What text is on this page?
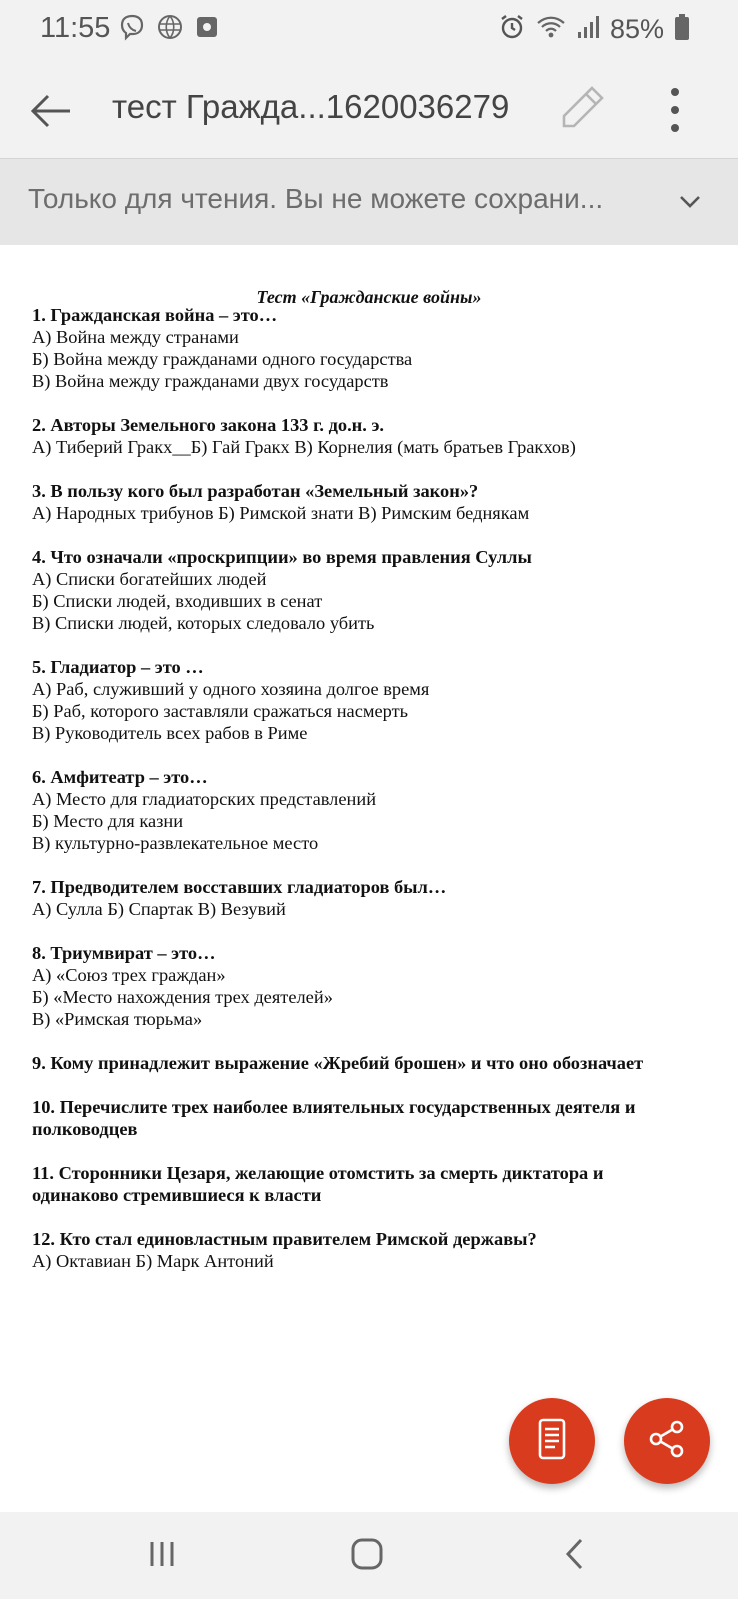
11:55	85%
тест Гражда...1620036279
Только для чтения. Вы не можете сохрани...
Тест «Гражданские войны»
1. Гражданская война – это…
А) Война между странами
Б) Война между гражданами одного государства
В) Война между гражданами двух государств
2. Авторы Земельного закона 133 г. до.н. э.
А) Тиберий Гракх__Б) Гай Гракх В) Корнелия (мать братьев Гракхов)
3. В пользу кого был разработан «Земельный закон»?
А) Народных трибунов Б) Римской знати В) Римским беднякам
4. Что означали «проскрипции» во время правления Суллы
А) Списки богатейших людей
Б) Списки людей, входивших в сенат
В) Списки людей, которых следовало убить
5. Гладиатор – это …
А) Раб, служивший у одного хозяина долгое время
Б) Раб, которого заставляли сражаться насмерть
В) Руководитель всех рабов в Риме
6. Амфитеатр – это…
А) Место для гладиаторских представлений
Б) Место для казни
В) культурно-развлекательное место
7. Предводителем восставших гладиаторов был…
А) Сулла Б) Спартак В) Везувий
8. Триумвират – это…
А) «Союз трех граждан»
Б) «Место нахождения трех деятелей»
В) «Римская тюрьма»
9. Кому принадлежит выражение «Жребий брошен» и что оно обозначает
10. Перечислите трех наиболее влиятельных государственных деятеля и
полководцев
11. Сторонники Цезаря, желающие отомстить за смерть диктатора и
одинаково стремившиеся к власти
12. Кто стал единовластным правителем Римской державы?
А) Октавиан Б) Марк Антоний
